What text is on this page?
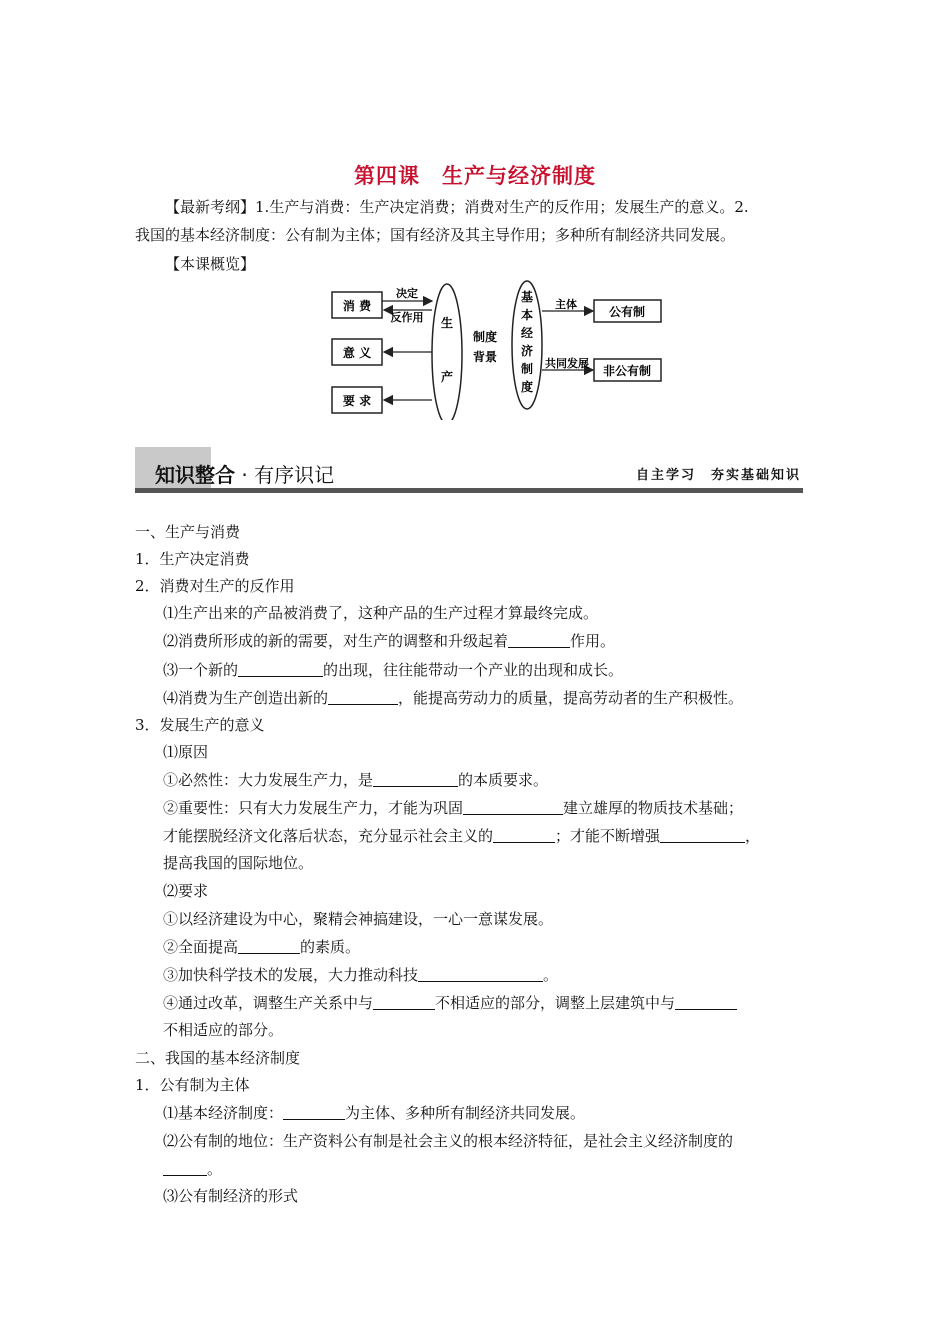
第四课　生产与经济制度
【最新考纲】1.生产与消费：生产决定消费；消费对生产的反作用；发展生产的意义。2.
我国的基本经济制度：公有制为主体；国有经济及其主导作用；多种所有制经济共同发展。
【本课概览】
消 费
意 义
要 求
生
产
决定
反作用
制度
背景
基
本
经
济
制
度
主体
共同发展
公有制
非公有制
知识整合 · 有序识记	自主学习　夯实基础知识
一、生产与消费
1．生产决定消费
2．消费对生产的反作用
⑴生产出来的产品被消费了，这种产品的生产过程才算最终完成。
⑵消费所形成的新的需要，对生产的调整和升级起着	作用。
⑶一个新的	的出现，往往能带动一个产业的出现和成长。
⑷消费为生产创造出新的	，能提高劳动力的质量，提高劳动者的生产积极性。
3．发展生产的意义
⑴原因
①必然性：大力发展生产力，是	的本质要求。
②重要性：只有大力发展生产力，才能为巩固	建立雄厚的物质技术基础；
才能摆脱经济文化落后状态，充分显示社会主义的	；才能不断增强	，
提高我国的国际地位。
⑵要求
①以经济建设为中心，聚精会神搞建设，一心一意谋发展。
②全面提高	的素质。
③加快科学技术的发展，大力推动科技	。
④通过改革，调整生产关系中与	不相适应的部分，调整上层建筑中与
不相适应的部分。
二、我国的基本经济制度
1．公有制为主体
⑴基本经济制度：	为主体、多种所有制经济共同发展。
⑵公有制的地位：生产资料公有制是社会主义的根本经济特征，是社会主义经济制度的
。
⑶公有制经济的形式
